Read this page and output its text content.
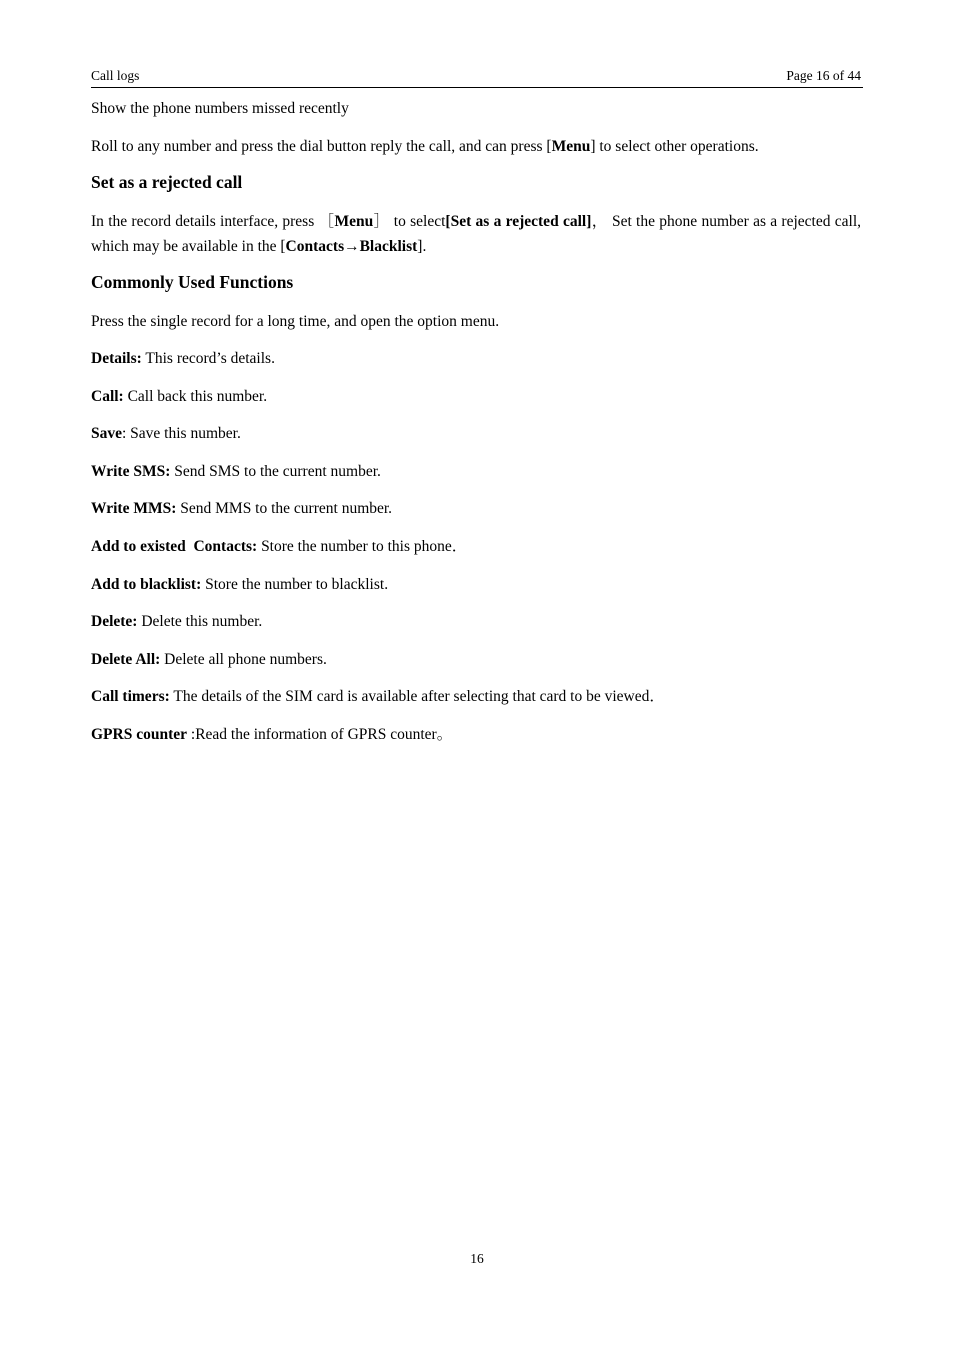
Call logs	Page 16 of 44

Show the phone numbers missed recently

Roll to any number and press the dial button reply the call, and can press [Menu] to select other operations.

Set as a rejected call

In the record details interface, press ［Menu］ to select[Set as a rejected call]， Set the phone number as a rejected call, which may be available in the [Contacts→Blacklist].

Commonly Used Functions

Press the single record for a long time, and open the option menu.

Details: This record’s details.

Call: Call back this number.

Save: Save this number.

Write SMS: Send SMS to the current number.

Write MMS: Send MMS to the current number.

Add to existed  Contacts: Store the number to this phone．

Add to blacklist: Store the number to blacklist.

Delete: Delete this number.

Delete All: Delete all phone numbers.

Call timers: The details of the SIM card is available after selecting that card to be viewed．

GPRS counter :Read the information of GPRS counter。

16
